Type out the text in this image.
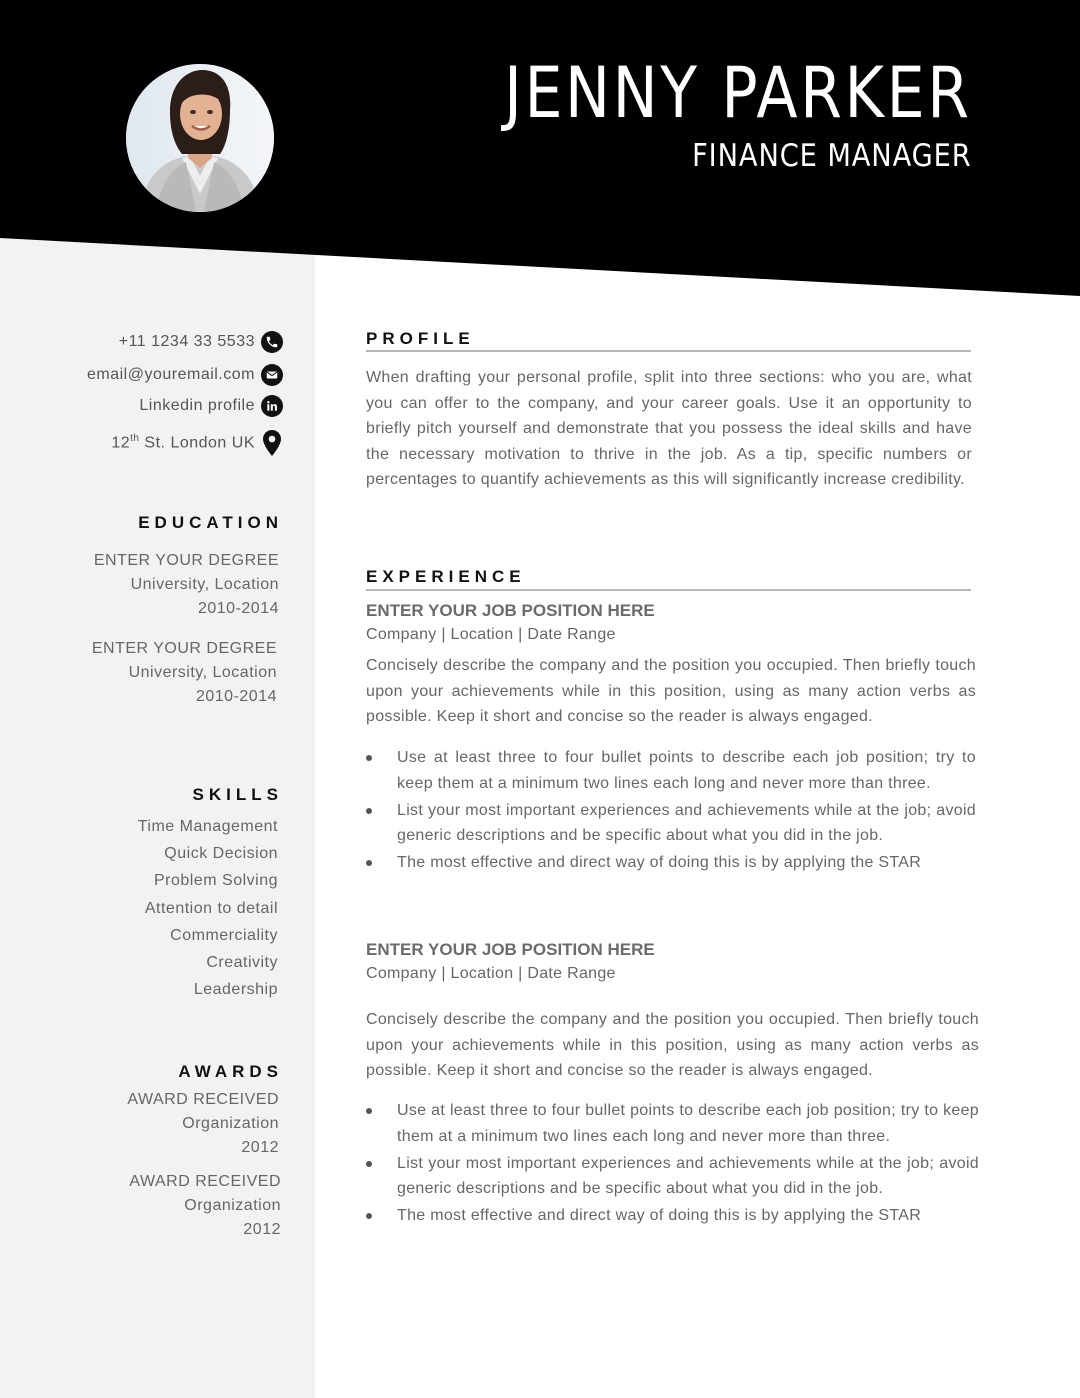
JENNY PARKER
FINANCE MANAGER
+11 1234 33 5533
email@youremail.com
Linkedin profile
12th St. London UK
EDUCATION
ENTER YOUR DEGREE
University, Location
2010-2014
ENTER YOUR DEGREE
University, Location
2010-2014
SKILLS
Time Management
Quick Decision
Problem Solving
Attention to detail
Commerciality
Creativity
Leadership
AWARDS
AWARD RECEIVED
Organization
2012
AWARD RECEIVED
Organization
2012
PROFILE
When drafting your personal profile, split into three sections: who you are, what you can offer to the company, and your career goals. Use it an opportunity to briefly pitch yourself and demonstrate that you possess the ideal skills and have the necessary motivation to thrive in the job. As a tip, specific numbers or percentages to quantify achievements as this will significantly increase credibility.
EXPERIENCE
ENTER YOUR JOB POSITION HERE
Company | Location | Date Range
Concisely describe the company and the position you occupied. Then briefly touch upon your achievements while in this position, using as many action verbs as possible. Keep it short and concise so the reader is always engaged.
Use at least three to four bullet points to describe each job position; try to keep them at a minimum two lines each long and never more than three.
List your most important experiences and achievements while at the job; avoid generic descriptions and be specific about what you did in the job.
The most effective and direct way of doing this is by applying the STAR
ENTER YOUR JOB POSITION HERE
Company | Location | Date Range
Concisely describe the company and the position you occupied. Then briefly touch upon your achievements while in this position, using as many action verbs as possible. Keep it short and concise so the reader is always engaged.
Use at least three to four bullet points to describe each job position; try to keep them at a minimum two lines each long and never more than three.
List your most important experiences and achievements while at the job; avoid generic descriptions and be specific about what you did in the job.
The most effective and direct way of doing this is by applying the STAR
